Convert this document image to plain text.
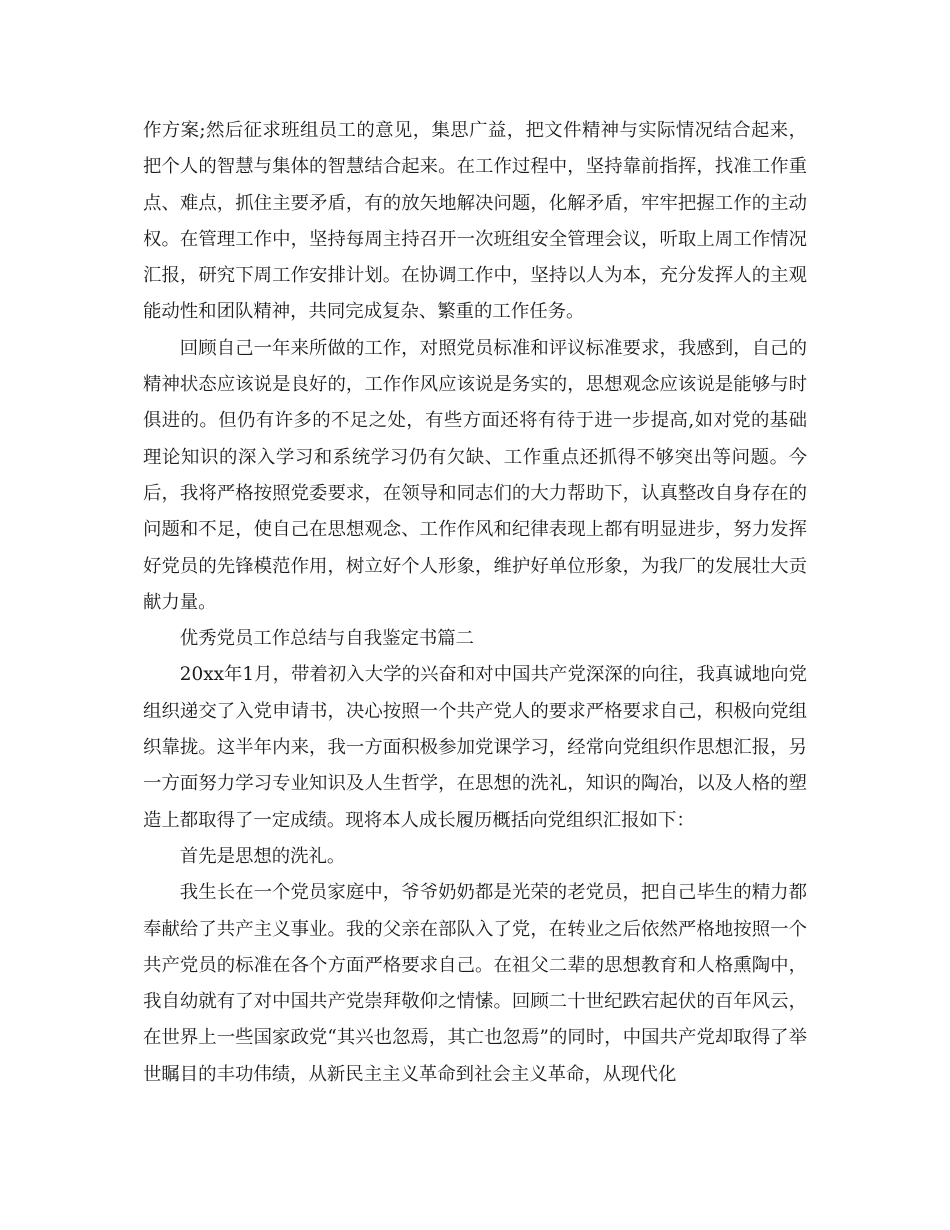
作方案;然后征求班组员工的意见，集思广益，把文件精神与实际情况结合起来，把个人的智慧与集体的智慧结合起来。在工作过程中，坚持靠前指挥，找准工作重点、难点，抓住主要矛盾，有的放矢地解决问题，化解矛盾，牢牢把握工作的主动权。在管理工作中，坚持每周主持召开一次班组安全管理会议，听取上周工作情况汇报，研究下周工作安排计划。在协调工作中，坚持以人为本，充分发挥人的主观能动性和团队精神，共同完成复杂、繁重的工作任务。

回顾自己一年来所做的工作，对照党员标准和评议标准要求，我感到，自己的精神状态应该说是良好的，工作作风应该说是务实的，思想观念应该说是能够与时俱进的。但仍有许多的不足之处，有些方面还将有待于进一步提高,如对党的基础理论知识的深入学习和系统学习仍有欠缺、工作重点还抓得不够突出等问题。今后，我将严格按照党委要求，在领导和同志们的大力帮助下，认真整改自身存在的问题和不足，使自己在思想观念、工作作风和纪律表现上都有明显进步，努力发挥好党员的先锋模范作用，树立好个人形象，维护好单位形象，为我厂的发展壮大贡献力量。

优秀党员工作总结与自我鉴定书篇二

20xx年1月，带着初入大学的兴奋和对中国共产党深深的向往，我真诚地向党组织递交了入党申请书，决心按照一个共产党人的要求严格要求自己，积极向党组织靠拢。这半年内来，我一方面积极参加党课学习，经常向党组织作思想汇报，另一方面努力学习专业知识及人生哲学，在思想的洗礼，知识的陶冶，以及人格的塑造上都取得了一定成绩。现将本人成长履历概括向党组织汇报如下：

首先是思想的洗礼。

我生长在一个党员家庭中，爷爷奶奶都是光荣的老党员，把自己毕生的精力都奉献给了共产主义事业。我的父亲在部队入了党，在转业之后依然严格地按照一个共产党员的标准在各个方面严格要求自己。在祖父二辈的思想教育和人格熏陶中，我自幼就有了对中国共产党崇拜敬仰之情愫。回顾二十世纪跌宕起伏的百年风云，在世界上一些国家政党“其兴也忽焉，其亡也忽焉”的同时，中国共产党却取得了举世瞩目的丰功伟绩，从新民主主义革命到社会主义革命，从现代化
